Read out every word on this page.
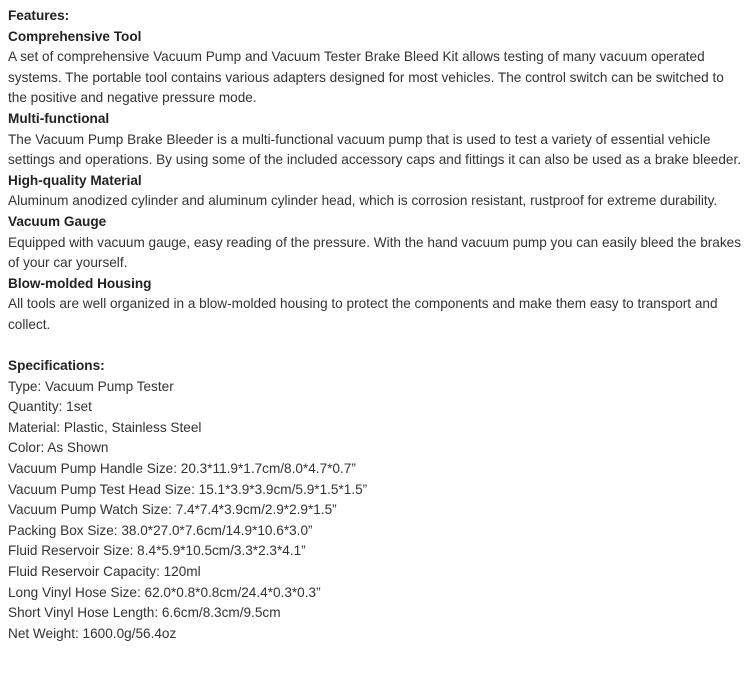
Features:
Comprehensive Tool

A set of comprehensive Vacuum Pump and Vacuum Tester Brake Bleed Kit allows testing of many vacuum operated systems. The portable tool contains various adapters designed for most vehicles. The control switch can be switched to the positive and negative pressure mode.

Multi-functional

The Vacuum Pump Brake Bleeder is a multi-functional vacuum pump that is used to test a variety of essential vehicle settings and operations. By using some of the included accessory caps and fittings it can also be used as a brake bleeder.

High-quality Material

Aluminum anodized cylinder and aluminum cylinder head, which is corrosion resistant, rustproof for extreme durability.

Vacuum Gauge

Equipped with vacuum gauge, easy reading of the pressure. With the hand vacuum pump you can easily bleed the brakes of your car yourself.

Blow-molded Housing

All tools are well organized in a blow-molded housing to protect the components and make them easy to transport and collect.

Specifications:
Type: Vacuum Pump Tester
Quantity: 1set
Material: Plastic, Stainless Steel
Color: As Shown
Vacuum Pump Handle Size: 20.3*11.9*1.7cm/8.0*4.7*0.7”
Vacuum Pump Test Head Size: 15.1*3.9*3.9cm/5.9*1.5*1.5”
Vacuum Pump Watch Size: 7.4*7.4*3.9cm/2.9*2.9*1.5”
Packing Box Size: 38.0*27.0*7.6cm/14.9*10.6*3.0”
Fluid Reservoir Size: 8.4*5.9*10.5cm/3.3*2.3*4.1”
Fluid Reservoir Capacity: 120ml
Long Vinyl Hose Size: 62.0*0.8*0.8cm/24.4*0.3*0.3”
Short Vinyl Hose Length: 6.6cm/8.3cm/9.5cm
Net Weight: 1600.0g/56.4oz
